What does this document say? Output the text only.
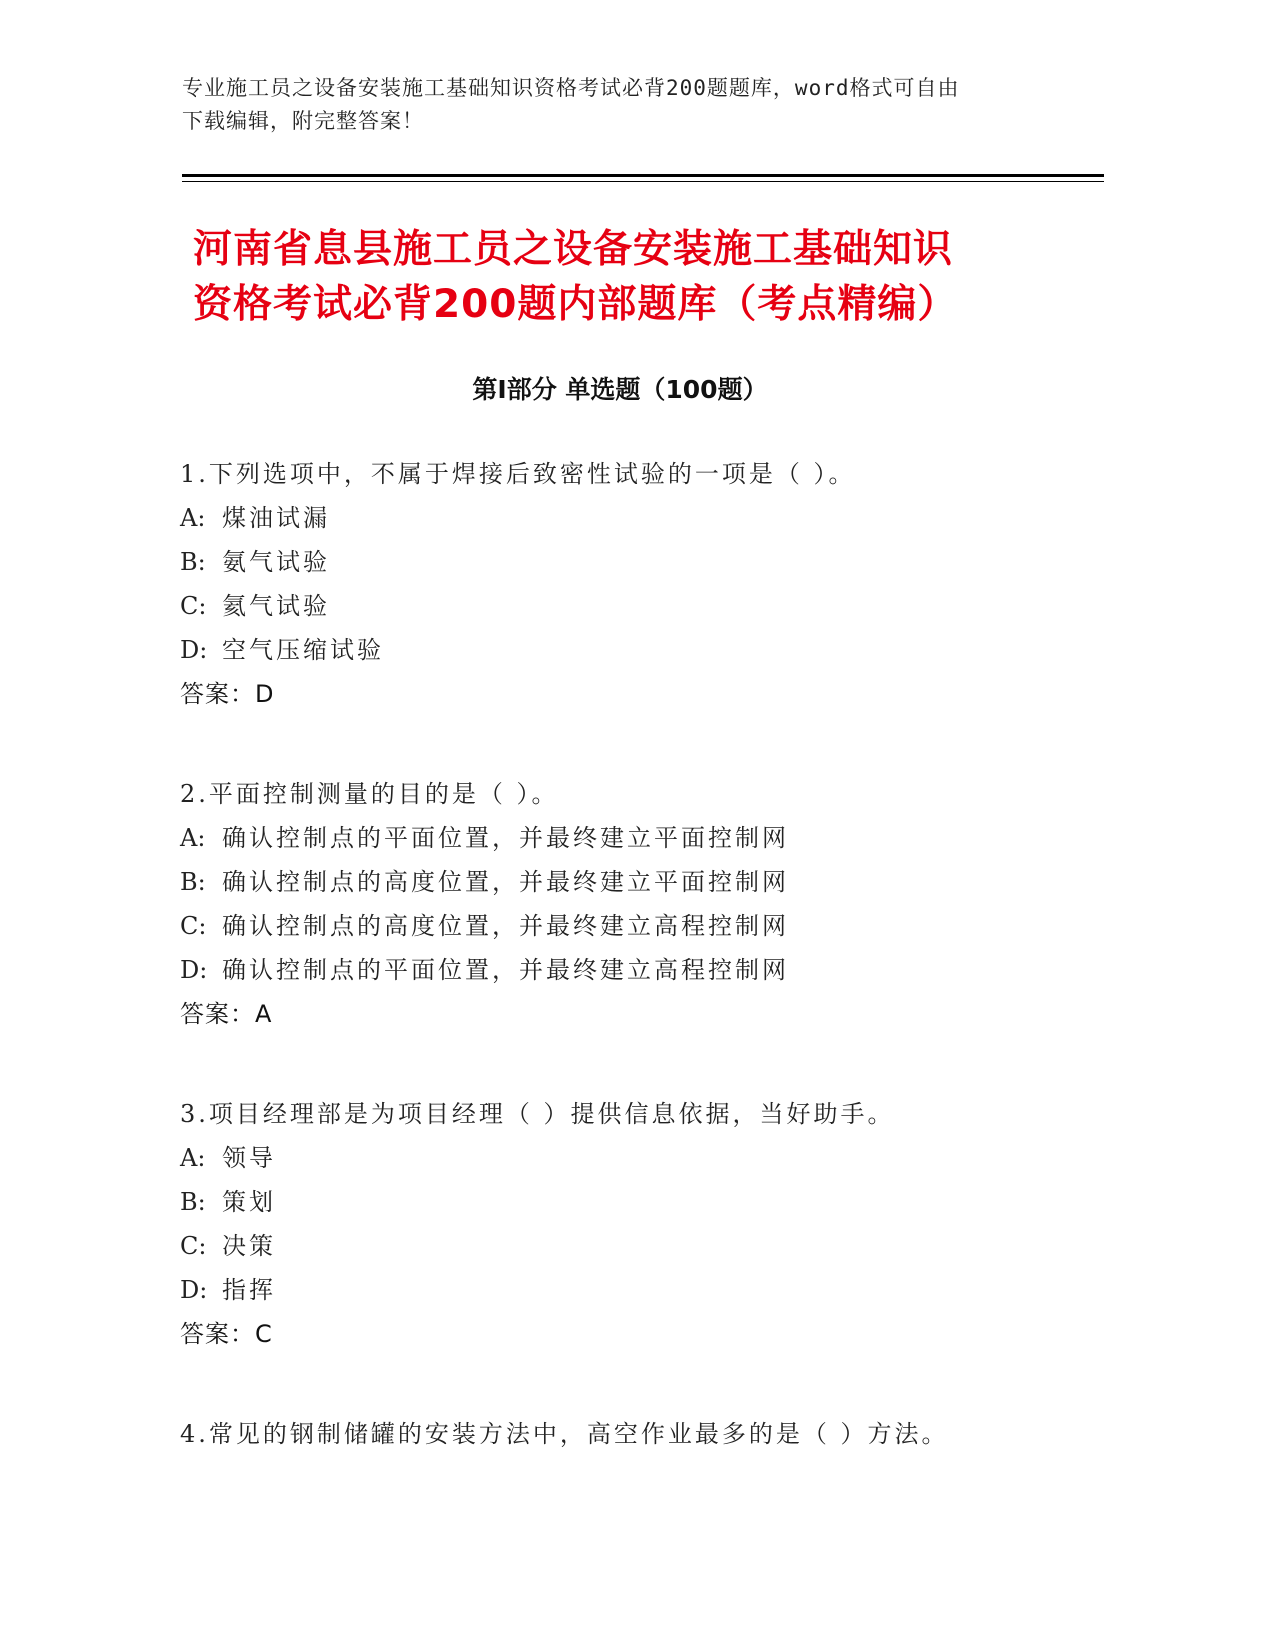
专业施工员之设备安装施工基础知识资格考试必背200题题库，word格式可自由
下载编辑，附完整答案！
河南省息县施工员之设备安装施工基础知识
资格考试必背200题内部题库（考点精编）
第Ⅰ部分 单选题（100题）
1.下列选项中，不属于焊接后致密性试验的一项是（ ）。
A: 煤油试漏
B: 氨气试验
C: 氦气试验
D: 空气压缩试验
答案：D
2.平面控制测量的目的是（ ）。
A: 确认控制点的平面位置，并最终建立平面控制网
B: 确认控制点的高度位置，并最终建立平面控制网
C: 确认控制点的高度位置，并最终建立高程控制网
D: 确认控制点的平面位置，并最终建立高程控制网
答案：A
3.项目经理部是为项目经理（ ）提供信息依据，当好助手。
A: 领导
B: 策划
C: 决策
D: 指挥
答案：C
4.常见的钢制储罐的安装方法中，高空作业最多的是（ ）方法。
